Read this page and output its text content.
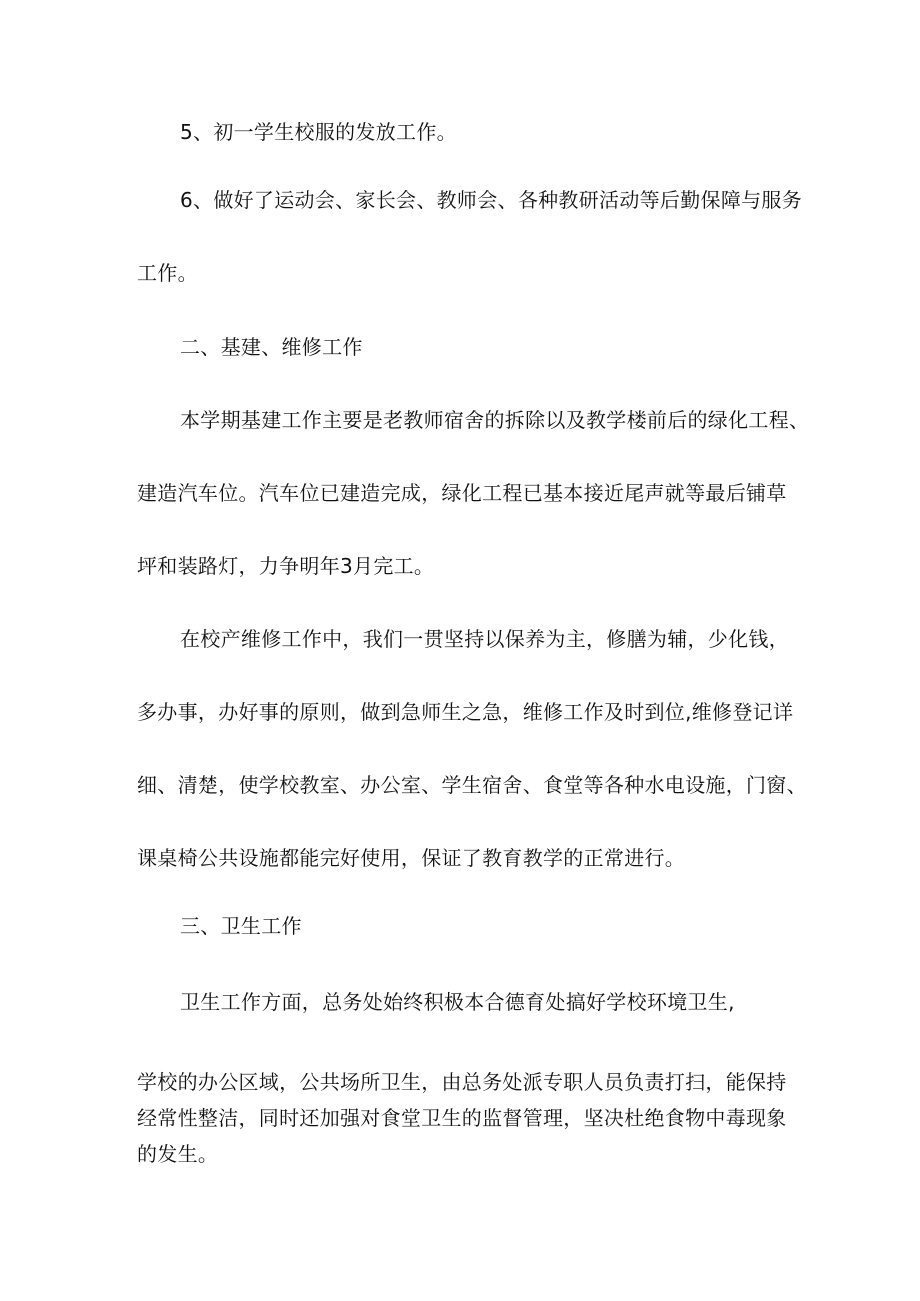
5、初一学生校服的发放工作。
6、做好了运动会、家长会、教师会、各种教研活动等后勤保障与服务
工作。
二、基建、维修工作
本学期基建工作主要是老教师宿舍的拆除以及教学楼前后的绿化工程、
建造汽车位。汽车位已建造完成，绿化工程已基本接近尾声就等最后铺草
坪和装路灯，力争明年3月完工。
在校产维修工作中，我们一贯坚持以保养为主，修膳为辅，少化钱，
多办事，办好事的原则，做到急师生之急，维修工作及时到位,维修登记详
细、清楚，使学校教室、办公室、学生宿舍、食堂等各种水电设施，门窗、
课桌椅公共设施都能完好使用，保证了教育教学的正常进行。
三、卫生工作
卫生工作方面，总务处始终积极本合德育处搞好学校环境卫生,
学校的办公区域，公共场所卫生，由总务处派专职人员负责打扫，能保持
经常性整洁，同时还加强对食堂卫生的监督管理，坚决杜绝食物中毒现象
的发生。
